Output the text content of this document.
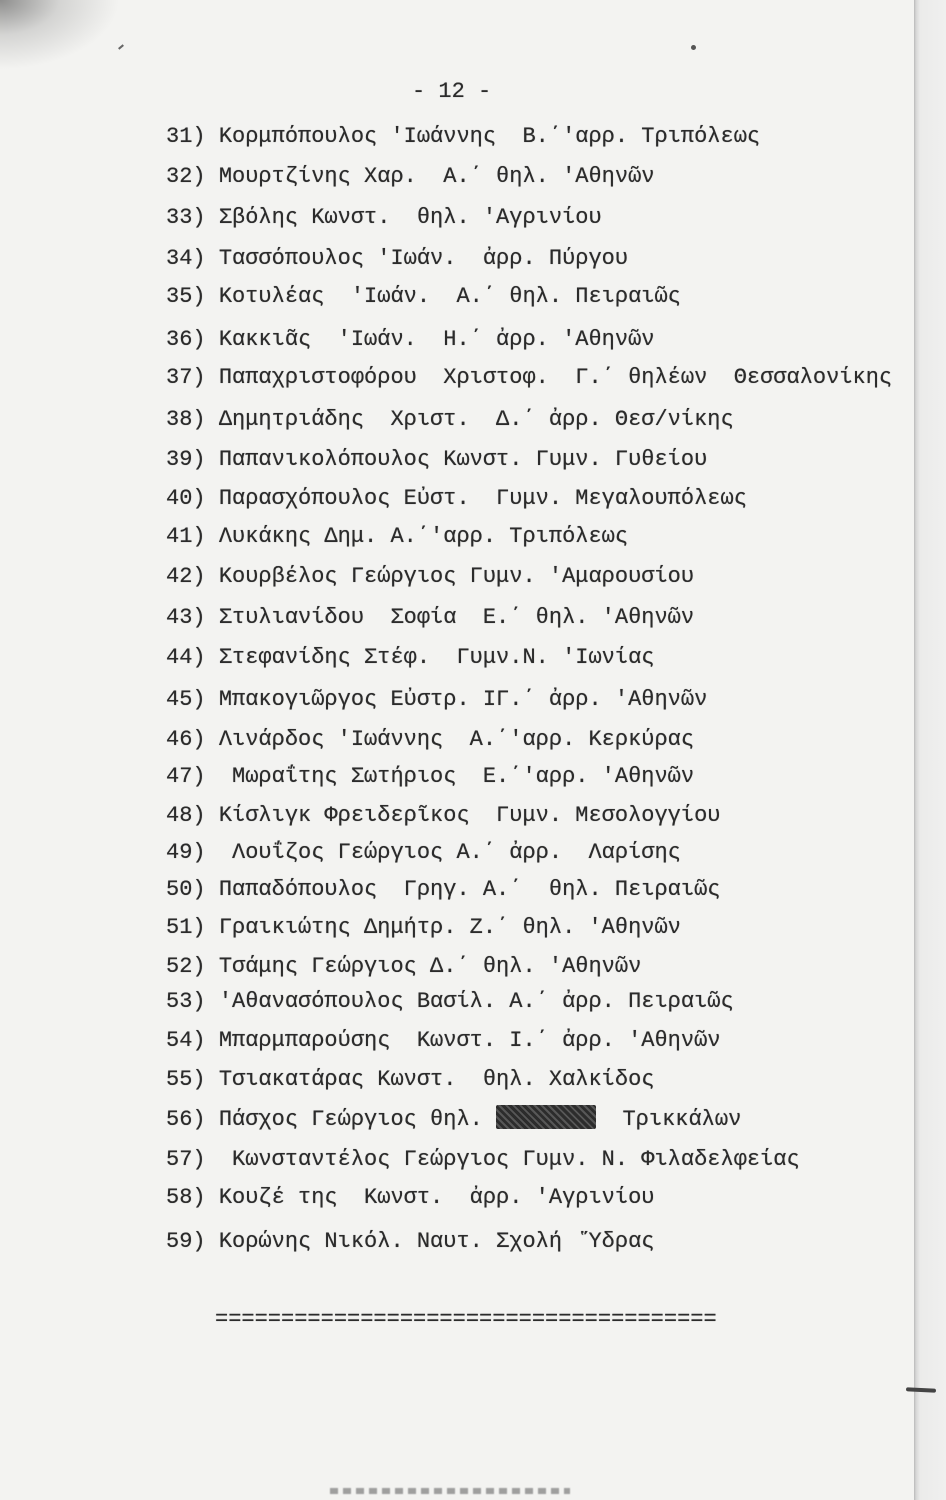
- 12 -
31) Κορμπόπουλος 'Ιωάννης  Β.΄'αρρ. Τριπόλεως
32) Μουρτζίνης Χαρ.  Α.΄ θηλ. 'Αθηνῶν
33) Σβόλης Κωνστ.  θηλ. 'Αγρινίου
34) Τασσόπουλος 'Ιωάν.  ἀρρ. Πύργου
35) Κοτυλέας  'Ιωάν.  Α.΄ θηλ. Πειραιῶς
36) Κακκιᾶς  'Ιωάν.  Η.΄ ἀρρ. 'Αθηνῶν
37) Παπαχριστοφόρου  Χριστοφ.  Γ.΄ θηλέων  Θεσσαλονίκης
38) Δημητριάδης  Χριστ.  Δ.΄ ἀρρ. Θεσ/νίκης
39) Παπανικολόπουλος Κωνστ. Γυμν. Γυθείου
40) Παρασχόπουλος Εὐστ.  Γυμν. Μεγαλουπόλεως
41) Λυκάκης Δημ. Α.΄'αρρ. Τριπόλεως
42) Κουρβέλος Γεώργιος Γυμν. 'Αμαρουσίου
43) Στυλιανίδου  Σοφία  Ε.΄ θηλ. 'Αθηνῶν
44) Στεφανίδης Στέφ.  Γυμν.Ν. 'Ιωνίας
45) Μπακογιῶργος Εὐστρ. ΙΓ.΄ ἀρρ. 'Αθηνῶν
46) Λινάρδος 'Ιωάννης  Α.΄'αρρ. Κερκύρας
47)  Μωραΐτης Σωτήριος  Ε.΄'αρρ. 'Αθηνῶν
48) Κίσλιγκ Φρειδερῖκος  Γυμν. Μεσολογγίου
49)  Λουΐζος Γεώργιος Α.΄ ἀρρ.  Λαρίσης
50) Παπαδόπουλος  Γρηγ. Α.΄  θηλ. Πειραιῶς
51) Γραικιώτης Δημήτρ. Ζ.΄ θηλ. 'Αθηνῶν
52) Τσάμης Γεώργιος Δ.΄ θηλ. 'Αθηνῶν
53) 'Αθανασόπουλος Βασίλ. Α.΄ ἀρρ. Πειραιῶς
54) Μπαρμπαρούσης  Κωνστ. Ι.΄ ἀρρ. 'Αθηνῶν
55) Τσιακατάρας Κωνστ.  θηλ. Χαλκίδος
56) Πάσχος Γεώργιος θηλ.	Τρικκάλων
57)  Κωνσταντέλος Γεώργιος Γυμν. Ν. Φιλαδελφείας
58) Κουζέ της  Κωνστ.  ἀρρ. 'Αγρινίου
59) Κορώνης Νικόλ. Ναυτ. Σχολή  Ὕδρας
======================================
